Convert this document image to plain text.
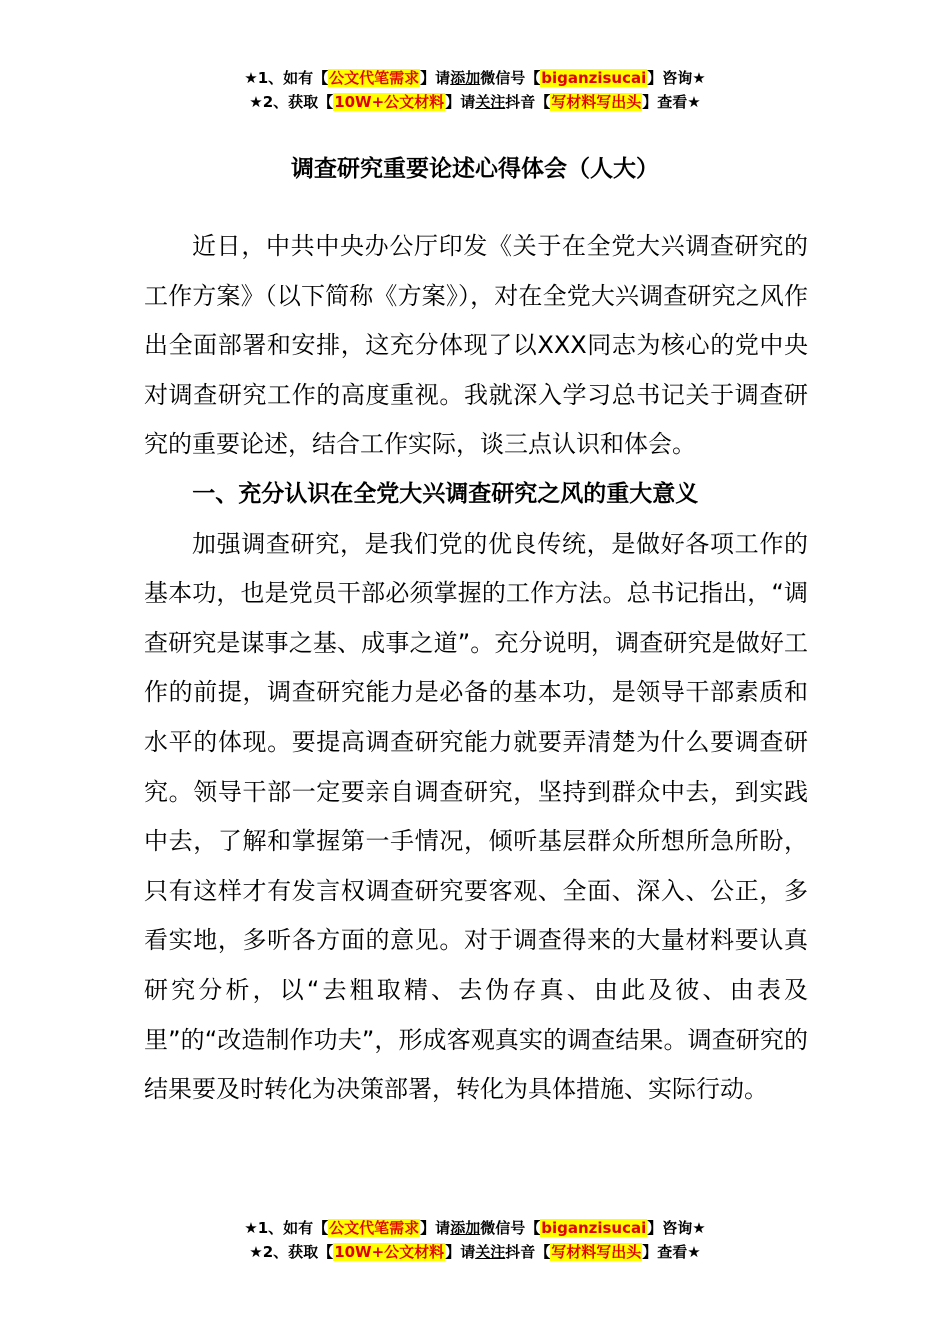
★1、如有【公文代笔需求】请添加微信号【biganzisucai】咨询★
★2、获取【10W+公文材料】请关注抖音【写材料写出头】查看★
调查研究重要论述心得体会（人大）

近日，中共中央办公厅印发《关于在全党大兴调查研究的工作方案》（以下简称《方案》），对在全党大兴调查研究之风作出全面部署和安排，这充分体现了以XXX同志为核心的党中央对调查研究工作的高度重视。我就深入学习总书记关于调查研究的重要论述，结合工作实际，谈三点认识和体会。

一、充分认识在全党大兴调查研究之风的重大意义

加强调查研究，是我们党的优良传统，是做好各项工作的基本功，也是党员干部必须掌握的工作方法。总书记指出，“调查研究是谋事之基、成事之道”。充分说明，调查研究是做好工作的前提，调查研究能力是必备的基本功，是领导干部素质和水平的体现。要提高调查研究能力就要弄清楚为什么要调查研究。领导干部一定要亲自调查研究，坚持到群众中去，到实践中去，了解和掌握第一手情况，倾听基层群众所想所急所盼，只有这样才有发言权调查研究要客观、全面、深入、公正，多看实地，多听各方面的意见。对于调查得来的大量材料要认真研究分析，以“去粗取精、去伪存真、由此及彼、由表及里”的“改造制作功夫”，形成客观真实的调查结果。调查研究的结果要及时转化为决策部署，转化为具体措施、实际行动。

★1、如有【公文代笔需求】请添加微信号【biganzisucai】咨询★
★2、获取【10W+公文材料】请关注抖音【写材料写出头】查看★
